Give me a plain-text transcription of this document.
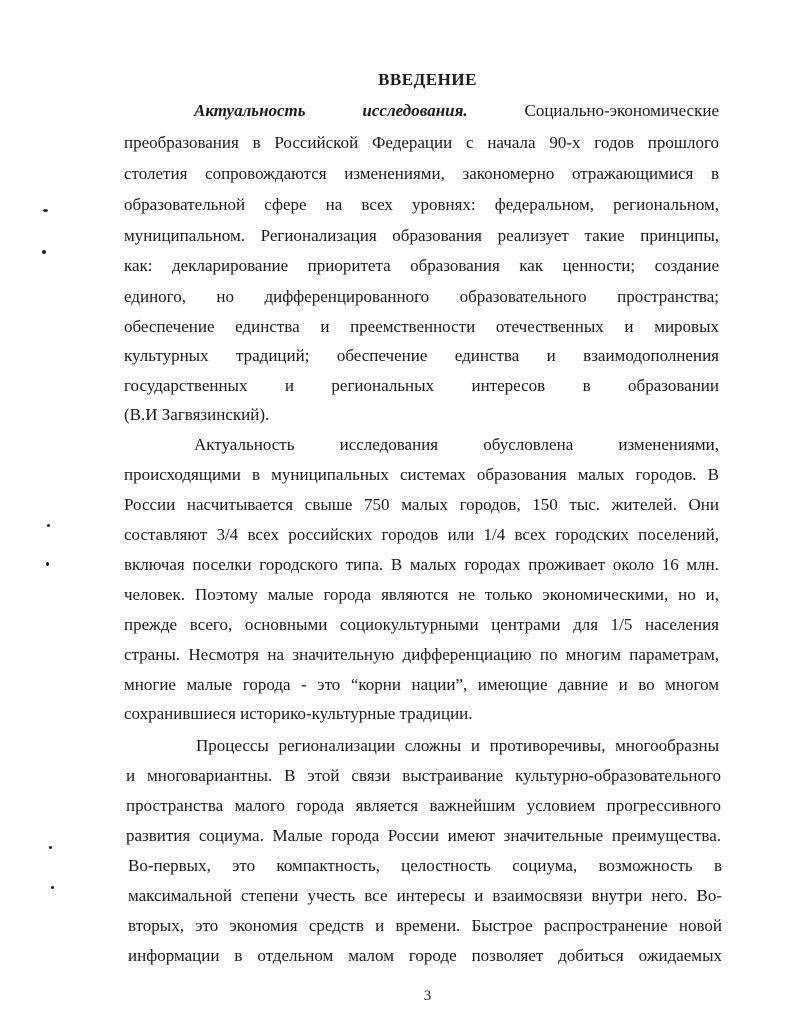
ВВЕДЕНИЕ
Актуальность	исследования.	Социально-экономические
преобразования в Российской Федерации с начала 90-х годов прошлого
столетия сопровождаются изменениями, закономерно отражающимися в
образовательной сфере на всех уровнях: федеральном, региональном,
муниципальном. Регионализация образования реализует такие принципы,
как: декларирование приоритета образования как ценности; создание
единого, но дифференцированного образовательного пространства;
обеспечение единства и преемственности отечественных и мировых
культурных традиций; обеспечение единства и взаимодополнения
государственных и региональных интересов в образовании
(В.И Загвязинский).
Актуальность исследования обусловлена изменениями,
происходящими в муниципальных системах образования малых городов. В
России насчитывается свыше 750 малых городов, 150 тыс. жителей. Они
составляют 3/4 всех российских городов или 1/4 всех городских поселений,
включая поселки городского типа. В малых городах проживает около 16 млн.
человек. Поэтому малые города являются не только экономическими, но и,
прежде всего, основными социокультурными центрами для 1/5 населения
страны. Несмотря на значительную дифференциацию по многим параметрам,
многие малые города - это “корни нации”, имеющие давние и во многом
сохранившиеся историко-культурные традиции.
Процессы регионализации сложны и противоречивы, многообразны
и многовариантны. В этой связи выстраивание культурно-образовательного
пространства малого города является важнейшим условием прогрессивного
развития социума. Малые города России имеют значительные преимущества.
Во-первых, это компактность, целостность социума, возможность в
максимальной степени учесть все интересы и взаимосвязи внутри него. Во-
вторых, это экономия средств и времени. Быстрое распространение новой
информации в отдельном малом городе позволяет добиться ожидаемых
3
